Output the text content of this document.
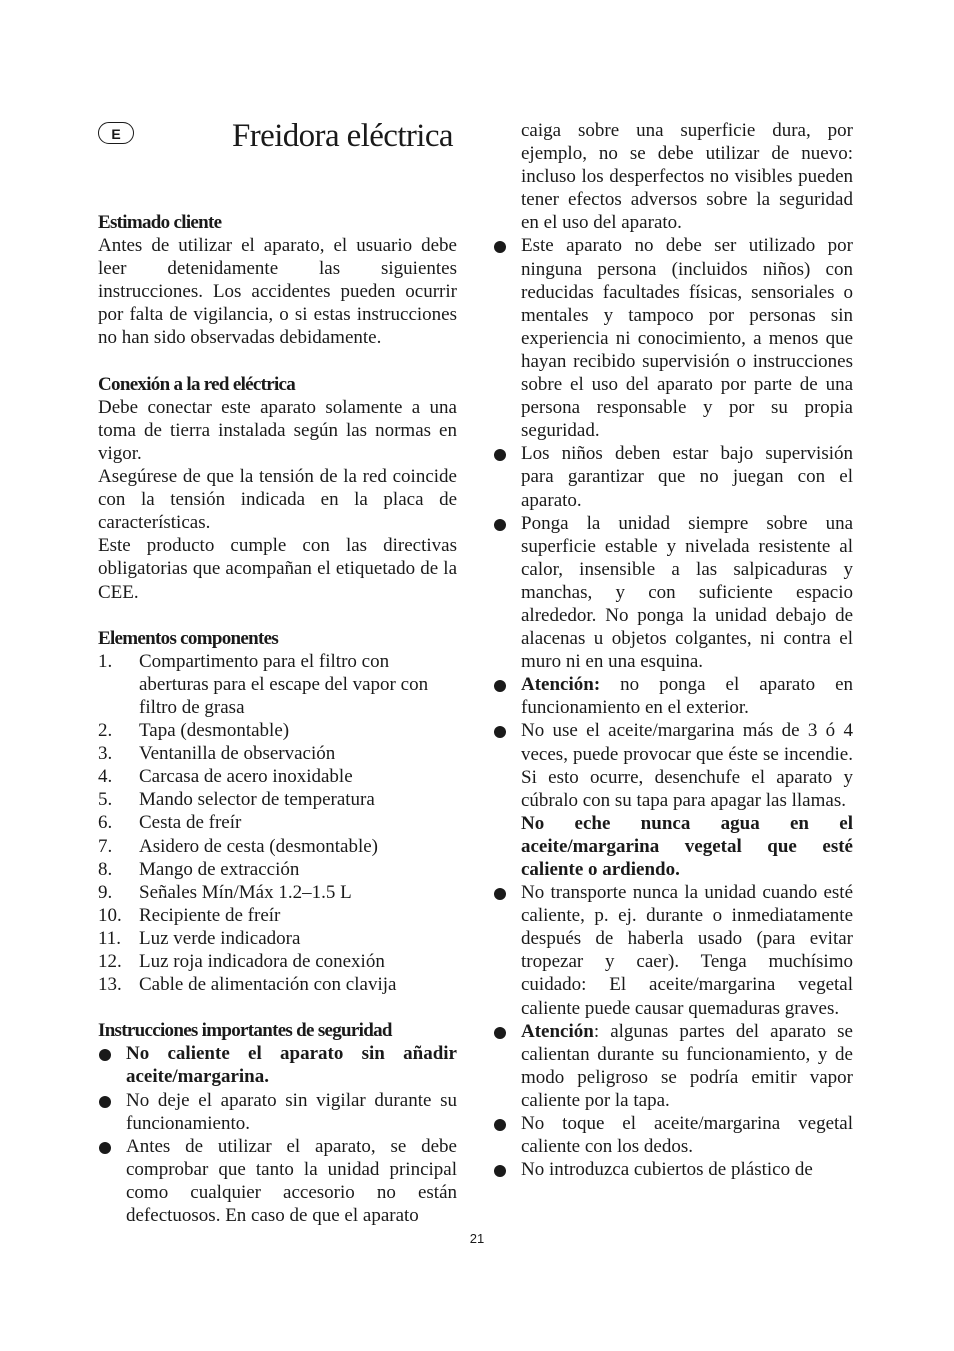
E	Freidora eléctrica

Estimado cliente

Antes de utilizar el aparato, el usuario debe leer detenidamente las siguientes instrucciones. Los accidentes pueden ocurrir por falta de vigilancia, o si estas instrucciones no han sido observadas debidamente.

Conexión a la red eléctrica

Debe conectar este aparato solamente a una toma de tierra instalada según las normas en vigor.

Asegúrese de que la tensión de la red coincide con la tensión indicada en la placa de características.

Este producto cumple con las directivas obligatorias que acompañan el etiquetado de la CEE.

Elementos componentes

1.	Compartimento para el filtro con aberturas para el escape del vapor con filtro de grasa
2.	Tapa (desmontable)
3.	Ventanilla de observación
4.	Carcasa de acero inoxidable
5.	Mando selector de temperatura
6.	Cesta de freír
7.	Asidero de cesta (desmontable)
8.	Mango de extracción
9.	Señales Mín/Máx 1.2–1.5 L
10. Recipiente de freír
11. Luz verde indicadora
12. Luz roja indicadora de conexión
13. Cable de alimentación con clavija

Instrucciones importantes de seguridad

No caliente el aparato sin añadir aceite/margarina.
No deje el aparato sin vigilar durante su funcionamiento.
Antes de utilizar el aparato, se debe comprobar que tanto la unidad principal como cualquier accesorio no están defectuosos. En caso de que el aparato

caiga sobre una superficie dura, por ejemplo, no se debe utilizar de nuevo: incluso los desperfectos no visibles pueden tener efectos adversos sobre la seguridad en el uso del aparato.

Este aparato no debe ser utilizado por ninguna persona (incluidos niños) con reducidas facultades físicas, sensoriales o mentales y tampoco por personas sin experiencia ni conocimiento, a menos que hayan recibido supervisión o instrucciones sobre el uso del aparato por parte de una persona responsable y por su propia seguridad.
Los niños deben estar bajo supervisión para garantizar que no juegan con el aparato.
Ponga la unidad siempre sobre una superficie estable y nivelada resistente al calor, insensible a las salpicaduras y manchas, y con suficiente espacio alrededor. No ponga la unidad debajo de alacenas u objetos colgantes, ni contra el muro ni en una esquina.
Atención: no ponga el aparato en funcionamiento en el exterior.
No use el aceite/margarina más de 3 ó 4 veces, puede provocar que éste se incendie. Si esto ocurre, desenchufe el aparato y cúbralo con su tapa para apagar las llamas.
No eche nunca agua en el aceite/margarina vegetal que esté caliente o ardiendo.
No transporte nunca la unidad cuando esté caliente, p. ej. durante o inmediatamente después de haberla usado (para evitar tropezar y caer). Tenga muchísimo cuidado: El aceite/margarina vegetal caliente puede causar quemaduras graves.
Atención: algunas partes del aparato se calientan durante su funcionamiento, y de modo peligroso se podría emitir vapor caliente por la tapa.
No toque el aceite/margarina vegetal caliente con los dedos.
No introduzca cubiertos de plástico de
21
